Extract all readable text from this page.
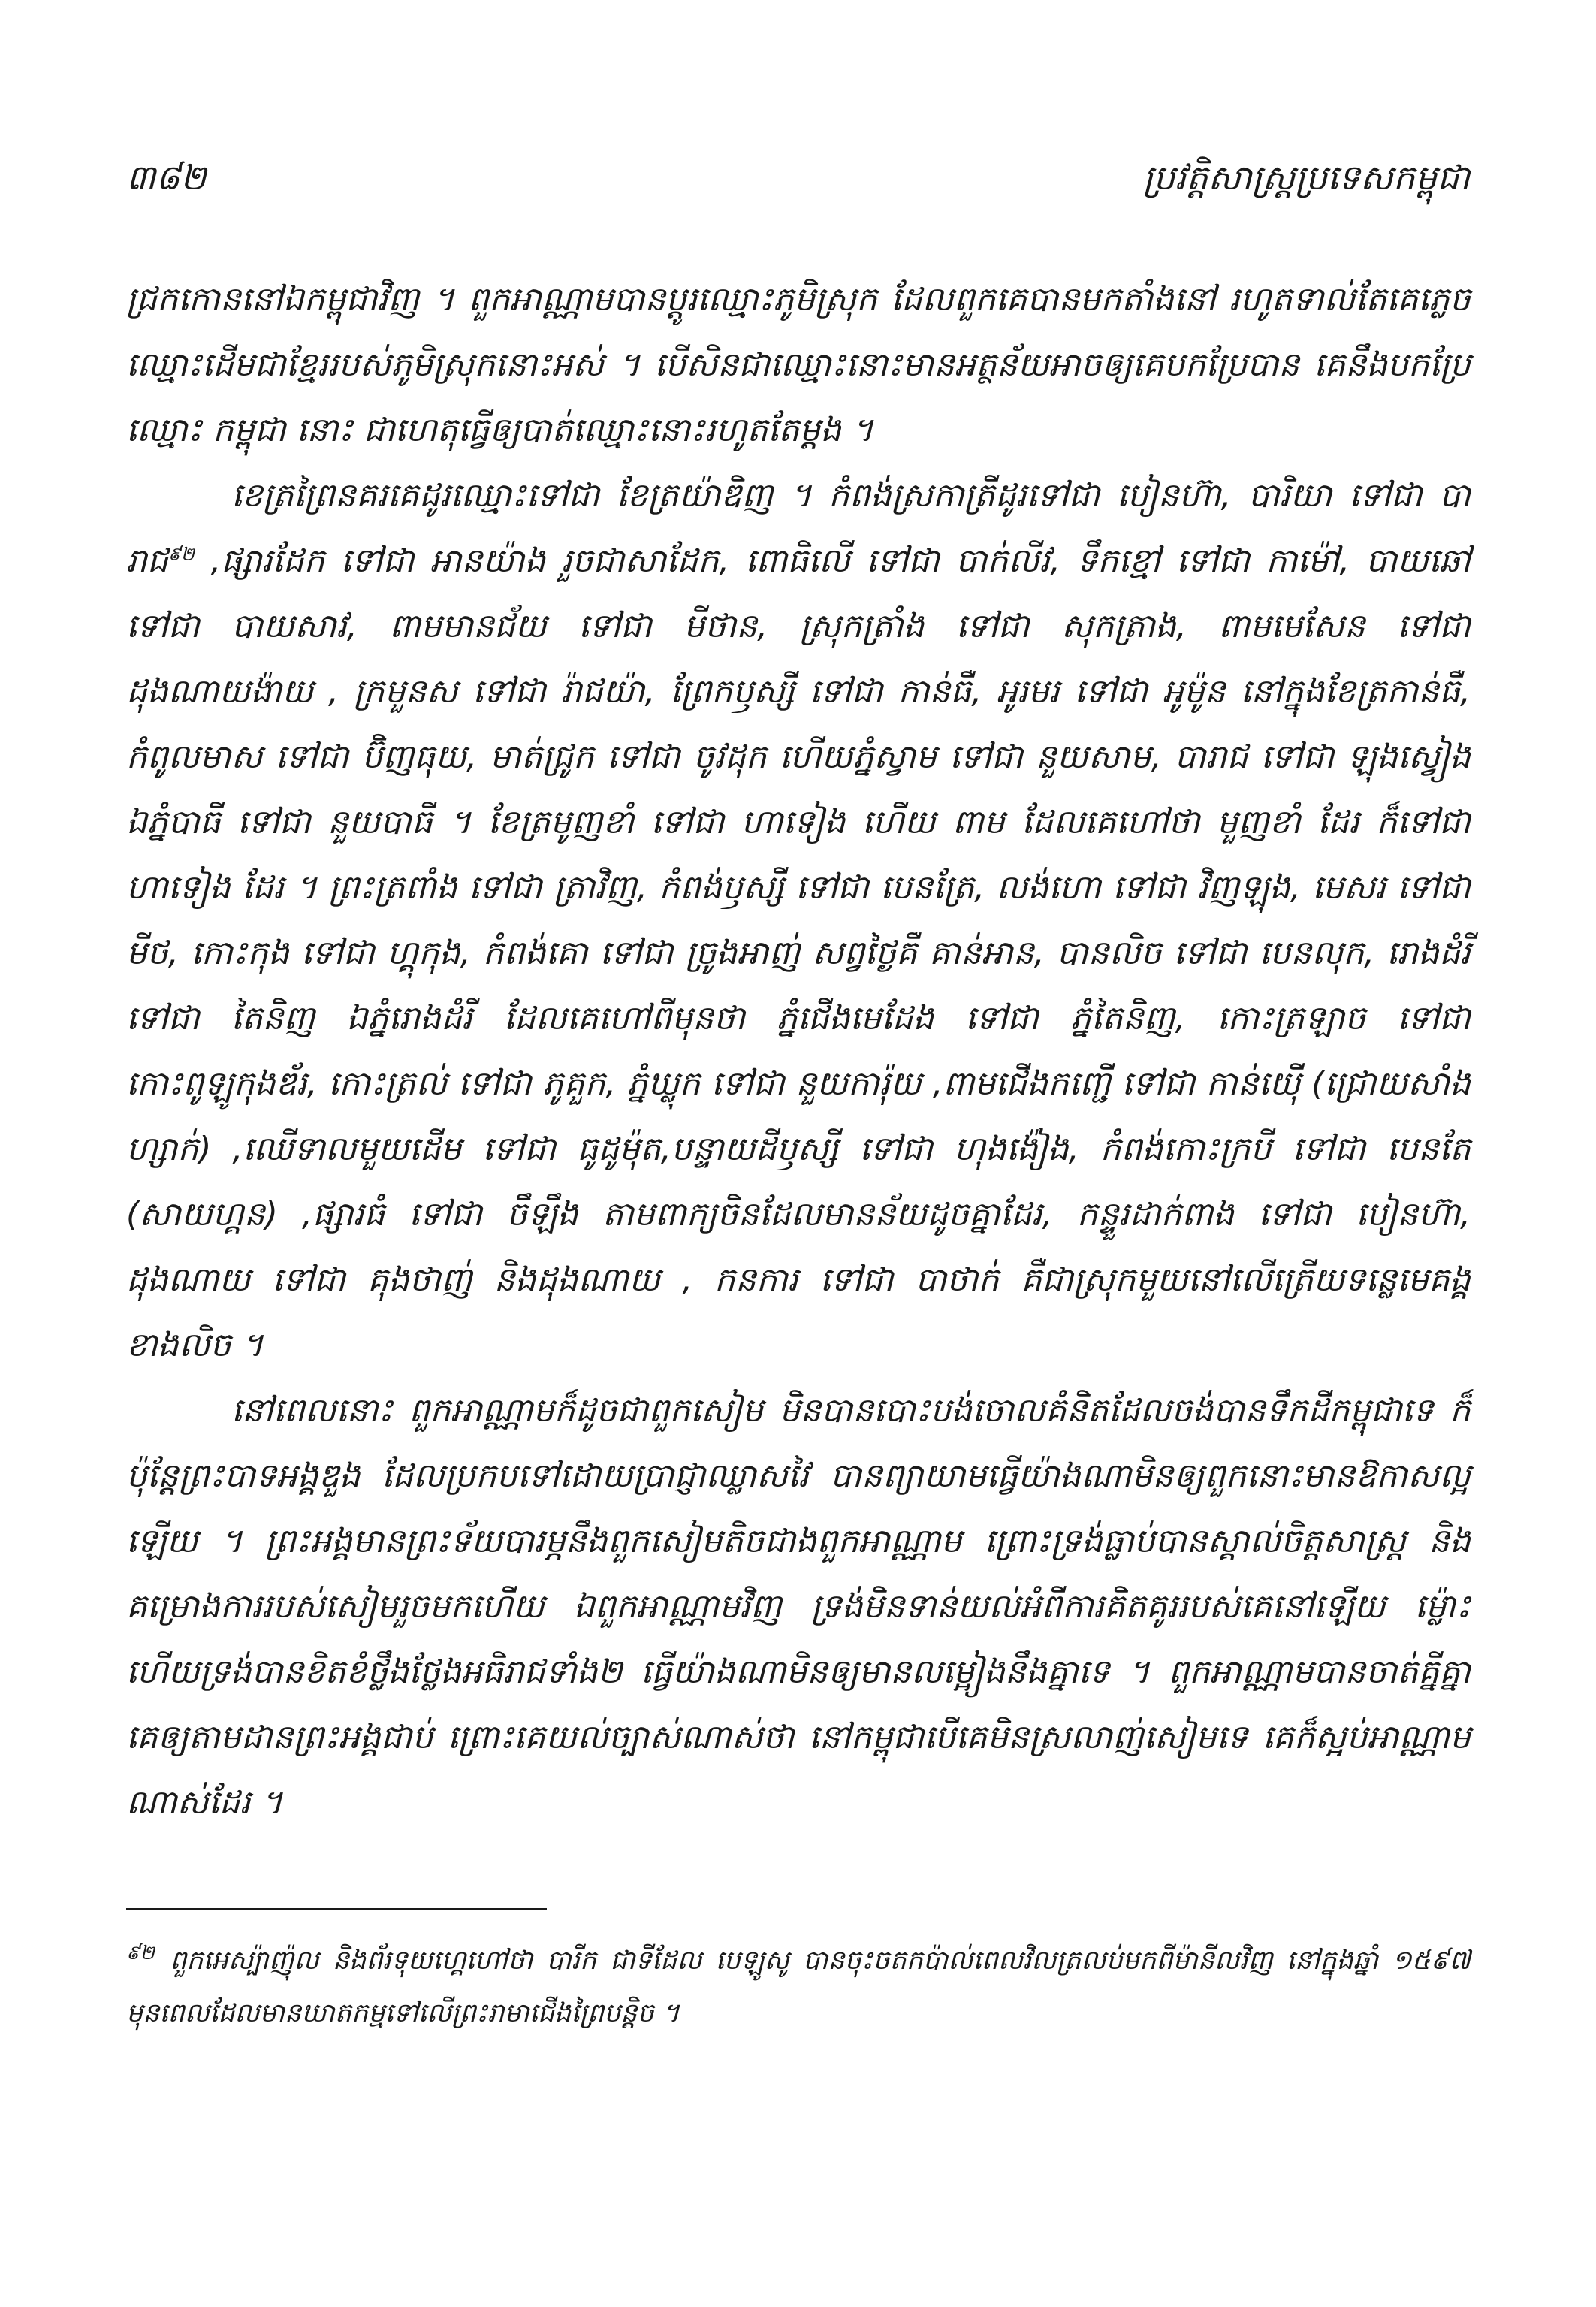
៣៨២	ប្រវត្តិសាស្ត្រប្រទេសកម្ពុជា

ជ្រកកោននៅឯកម្ពុជាវិញ ។ ពួកអាណ្ណាមបានប្តូរឈ្មោះភូមិស្រុក ដែលពួកគេបានមកតាំងនៅ រហូតទាល់តែគេភ្លេចឈ្មោះដើមជាខ្មែររបស់ភូមិស្រុកនោះអស់ ។ បើសិនជាឈ្មោះនោះមានអត្ថន័យអាចឲ្យគេបកប្រែបាន គេនឹងបកប្រែឈ្មោះ កម្ពុជា នោះ ជាហេតុធ្វើឲ្យបាត់ឈ្មោះនោះរហូតតែម្តង ។

ខេត្រព្រៃនគរគេដូរឈ្មោះទៅជា ខែត្រយ៉ាឌិញ ។ កំពង់ស្រកាត្រីដូរទៅជា បៀនហ៊ា, បារិយា ទៅជា បារាជ$^{៩២}$ ,ផ្សារដែក ទៅជា អានយ៉ាង រួចជាសាដែក, ពោធិលើ ទៅជា បាក់លីវ, ទឹកខ្មៅ ទៅជា កាម៉ៅ, បាយឆៅ ទៅជា បាយសាវ, ពាមមានជ័យ ទៅជា មីថាន, ស្រុកត្រាំង ទៅជា សុកត្រាង, ពាមមេសែន ទៅជា ដុងណាយង៉ាយ , ក្រមួនស ទៅជា រ៉ាជយ៉ា, ព្រែកឫស្សី ទៅជា កាន់ធឺ, អូរមរ ទៅជា អូម៉ូន នៅក្នុងខែត្រកាន់ធឺ, កំពូលមាស ទៅជា ប៊ិញធុយ, មាត់ជ្រូក ទៅជា ចូវដុក ហើយភ្នំស្វាម ទៅជា នួយសាម, បារាជ ទៅជា ឡុងស្វៀង ឯភ្នំបាធី ទៅជា នួយបាធី ។ ខែត្រមូញខាំ ទៅជា ហាទៀង ហើយ ពាម ដែលគេហៅថា មួញខាំ ដែរ ក៏ទៅជា ហាទៀង ដែរ ។ ព្រះត្រពាំង ទៅជា ត្រាវិញ, កំពង់ឫស្សី ទៅជា បេនត្រែ, លង់ហោ ទៅជា វិញឡុង, មេសរ ទៅជា មីថ, កោះកុង ទៅជា ហ្គុកុង, កំពង់គោ ទៅជា ច្រូងអាញ់ សព្វថ្ងៃគឺ គាន់អាន, បានលិច ទៅជា បេនលុក, រោងដំរី ទៅជា តៃនិញ ឯភ្នំរោងដំរី ដែលគេហៅពីមុនថា ភ្នំជើងមេដែង ទៅជា ភ្នំតៃនិញ, កោះត្រឡាច ទៅជា កោះពូឡូកុងឌ័រ, កោះត្រល់ ទៅជា ភូគួក, ភ្នំឃ្លុក ទៅជា នួយការ៉ុយ ,ពាមជើងកញ្ជើ ទៅជា កាន់យ៉ើ (ជ្រោយសាំងហ្សាក់) ,ឈើទាលមួយដើម ទៅជា ធូដូម៉ុត,បន្ទាយដីឫស្សី ទៅជា ហុងង៉ៀង, កំពង់កោះក្របី ទៅជា បេនតែ (សាយហ្គន) ,ផ្សារធំ ទៅជា ចឹឡឹង តាមពាក្យចិនដែលមានន័យដូចគ្នាដែរ, កន្ទួរដាក់ពាង ទៅជា បៀនហ៊ា, ដុងណាយ ទៅជា គុងថាញ់ និងដុងណាយ , កនការ ទៅជា បាថាក់ គឺជាស្រុកមួយនៅលើត្រើយទន្លេមេគង្គខាងលិច ។

នៅពេលនោះ ពួកអាណ្ណាមក៏ដូចជាពួកសៀម មិនបានបោះបង់ចោលគំនិតដែលចង់បានទឹកដីកម្ពុជាទេ ក៏ប៉ុន្តែព្រះបាទអង្គឌួង ដែលប្រកបទៅដោយប្រាជ្ញាឈ្លាសវៃ បានព្យាយាមធ្វើយ៉ាងណាមិនឲ្យពួកនោះមានឱកាសល្អឡើយ ។ ព្រះអង្គមានព្រះទ័យបារម្ភនឹងពួកសៀមតិចជាងពួកអាណ្ណាម ព្រោះទ្រង់ធ្លាប់បានស្គាល់ចិត្តសាស្ត្រ និងគម្រោងការរបស់សៀមរួចមកហើយ ឯពួកអាណ្ណាមវិញ ទ្រង់មិនទាន់យល់អំពីការគិតគូររបស់គេនៅឡើយ ម្ល៉ោះហើយទ្រង់បានខិតខំថ្លឹងថ្លែងអធិរាជទាំង២ ធ្វើយ៉ាងណាមិនឲ្យមានលម្អៀងនឹងគ្នាទេ ។ ពួកអាណ្ណាមបានចាត់គ្នីគ្នាគេឲ្យតាមដានព្រះអង្គជាប់ ព្រោះគេយល់ច្បាស់ណាស់ថា នៅកម្ពុជាបើគេមិនស្រលាញ់សៀមទេ គេក៏ស្អប់អាណ្ណាមណាស់ដែរ ។

$^{៩២}$ ពួកអេស្ប៉ាញ៉ុល និងព័រទុយហ្គេហៅថា បារីក ជាទីដែល បេឡូសូ បានចុះចតកប៉ាល់ពេលវិលត្រលប់មកពីម៉ានីលវិញ នៅក្នុងឆ្នាំ ១៥៩៧ មុនពេលដែលមានឃាតកម្មទៅលើព្រះរាមាជើងព្រៃបន្តិច ។
